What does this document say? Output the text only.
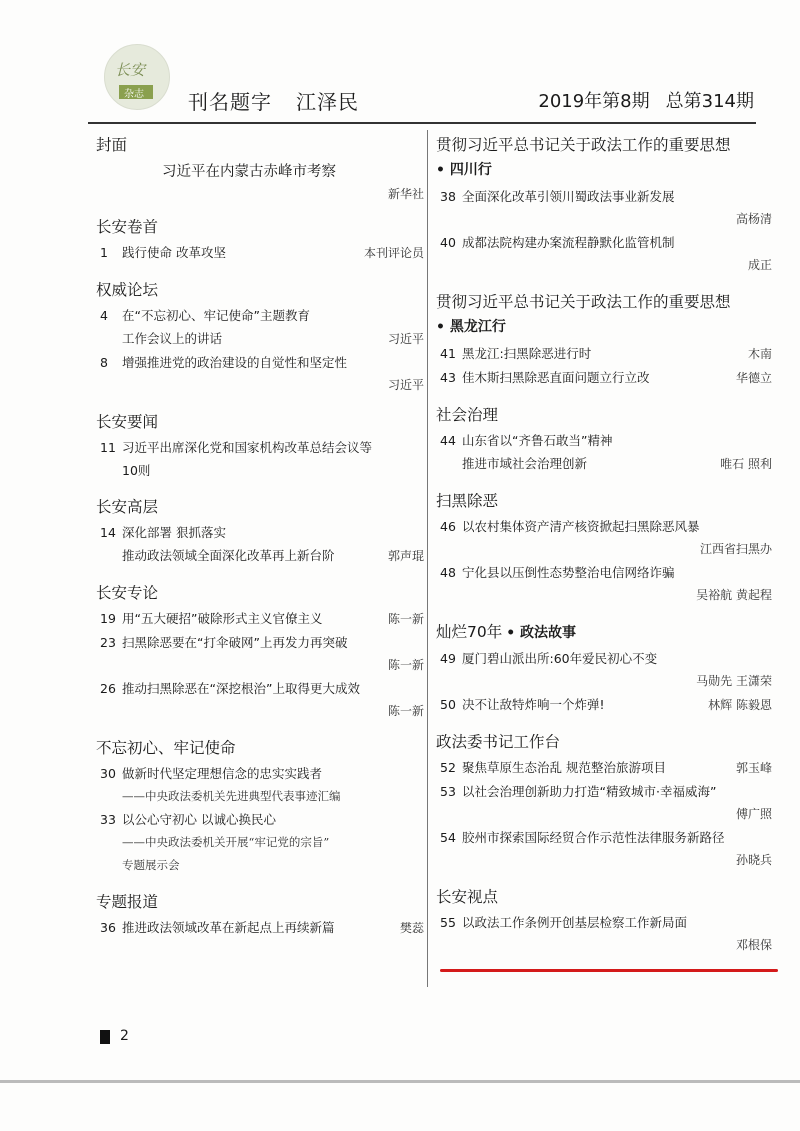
长安
杂志 刊名题字 江泽民	2019年第8期 总第314期
封面
习近平在内蒙古赤峰市考察
新华社
长安卷首
1	践行使命 改革攻坚	本刊评论员
权威论坛
4	在“不忘初心、牢记使命”主题教育
工作会议上的讲话	习近平
8	增强推进党的政治建设的自觉性和坚定性
习近平
长安要闻
11 习近平出席深化党和国家机构改革总结会议等
10则
长安高层
14 深化部署 狠抓落实
推动政法领域全面深化改革再上新台阶	郭声琨
长安专论
19 用“五大硬招”破除形式主义官僚主义	陈一新
23 扫黑除恶要在“打伞破网”上再发力再突破
陈一新
26 推动扫黑除恶在“深挖根治”上取得更大成效
陈一新
不忘初心、牢记使命
30 做新时代坚定理想信念的忠实实践者
——中央政法委机关先进典型代表事迹汇编
33 以公心守初心 以诚心换民心
——中央政法委机关开展“牢记党的宗旨”
专题展示会
专题报道
36 推进政法领域改革在新起点上再续新篇	樊蕊
贯彻习近平总书记关于政法工作的重要思想
• 四川行
38 全面深化改革引领川蜀政法事业新发展
高杨清
40 成都法院构建办案流程静默化监管机制
成正
贯彻习近平总书记关于政法工作的重要思想
• 黑龙江行
41 黑龙江:扫黑除恶进行时	木南
43 佳木斯扫黑除恶直面问题立行立改	华德立
社会治理
44 山东省以“齐鲁石敢当”精神
推进市域社会治理创新	唯石 照利
扫黑除恶
46 以农村集体资产清产核资掀起扫黑除恶风暴
江西省扫黑办
48 宁化县以压倒性态势整治电信网络诈骗
吴裕航 黄起程
灿烂70年 • 政法故事
49 厦门碧山派出所:60年爱民初心不变
马勋先 王潇荣
50 决不让敌特炸响一个炸弹!	林辉 陈毅恩
政法委书记工作台
52 聚焦草原生态治乱 规范整治旅游项目	郭玉峰
53 以社会治理创新助力打造“精致城市·幸福威海”
傅广照
54 胶州市探索国际经贸合作示范性法律服务新路径
孙晓兵
长安视点
55 以政法工作条例开创基层检察工作新局面
邓根保
2
